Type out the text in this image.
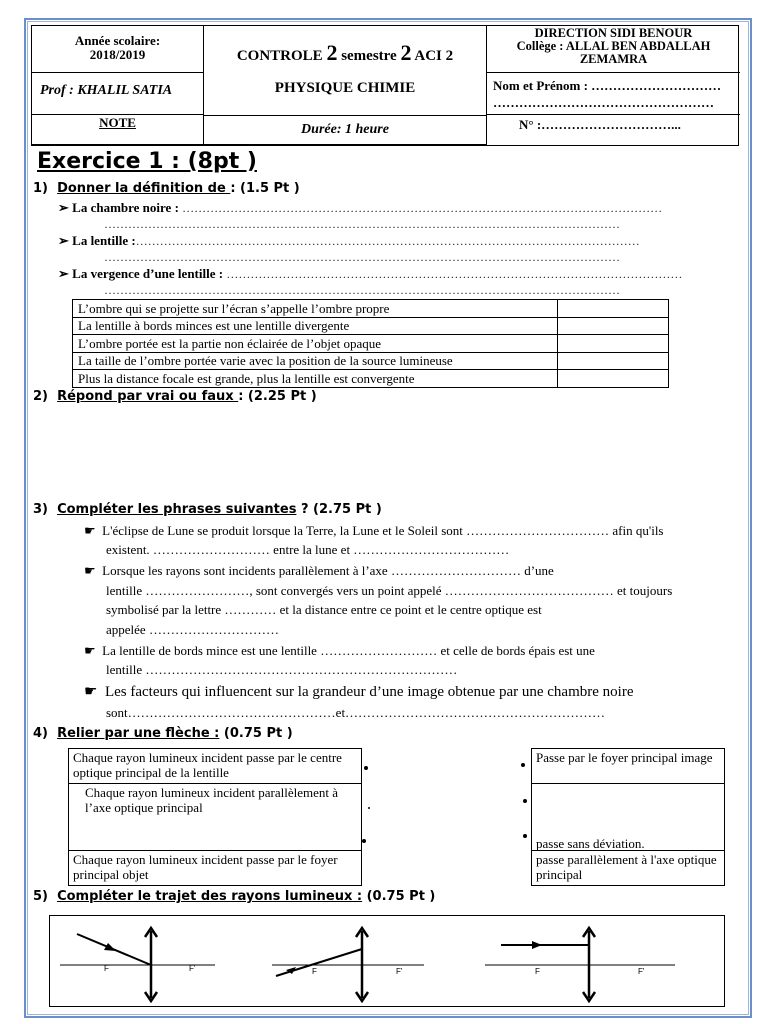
Année scolaire:
2018/2019
Prof : KHALIL SATIA
NOTE
CONTROLE 2 semestre 2 ACI 2
PHYSIQUE CHIMIE
Durée: 1 heure
DIRECTION SIDI BENOUR
Collège : ALLAL BEN ABDALLAH ZEMAMRA
Nom et Prénom : …………………………
……………………………………………
N° :…………………………...
Exercice 1 : (8pt )
1) Donner la définition de : (1.5 Pt )
➢ La chambre noire : …………………………………………………………………………………………………………
…………………………………………………………………………………………………………………
➢ La lentille :………………………………………………………………………………………………………………
…………………………………………………………………………………………………………………
➢ La vergence d’une lentille : ……………………………………………………………………………………………………
…………………………………………………………………………………………………………………
L’ombre qui se projette sur l’écran s’appelle l’ombre propre	
La lentille à bords minces est une lentille divergente	
L’ombre portée est la partie non éclairée de l’objet opaque	
La taille de l’ombre portée varie avec la position de la source lumineuse	
Plus la distance focale est grande, plus la lentille est convergente	
2) Répond par vrai ou faux : (2.25 Pt )
3) Compléter les phrases suivantes ? (2.75 Pt )
☛ L'éclipse de Lune se produit lorsque la Terre, la Lune et le Soleil sont …………………………… afin qu'ils
existent. ……………………… entre la lune et ………………………………
☛ Lorsque les rayons sont incidents parallèlement à l’axe ………………………… d’une
lentille ……………………, sont convergés vers un point appelé ………………………………… et toujours
symbolisé par la lettre ………… et la distance entre ce point et le centre optique est
appelée …………………………
☛ La lentille de bords mince est une lentille ……………………… et celle de bords épais est une
lentille ………………………………………………………………
☛ Les facteurs qui influencent sur la grandeur d’une image obtenue par une chambre noire
sont…………………………………………et……………………………………………………
4) Relier par une flèche : (0.75 Pt )
Chaque rayon lumineux incident passe par le centre optique principal de la lentille
Chaque rayon lumineux incident parallèlement à l’axe optique principal
Chaque rayon lumineux incident passe par le foyer principal objet
Passe par le foyer principal image
passe sans déviation.
passe parallèlement à l'axe optique principal
5) Compléter le trajet des rayons lumineux : (0.75 Pt )
F	F'	F	F'	F	F'
